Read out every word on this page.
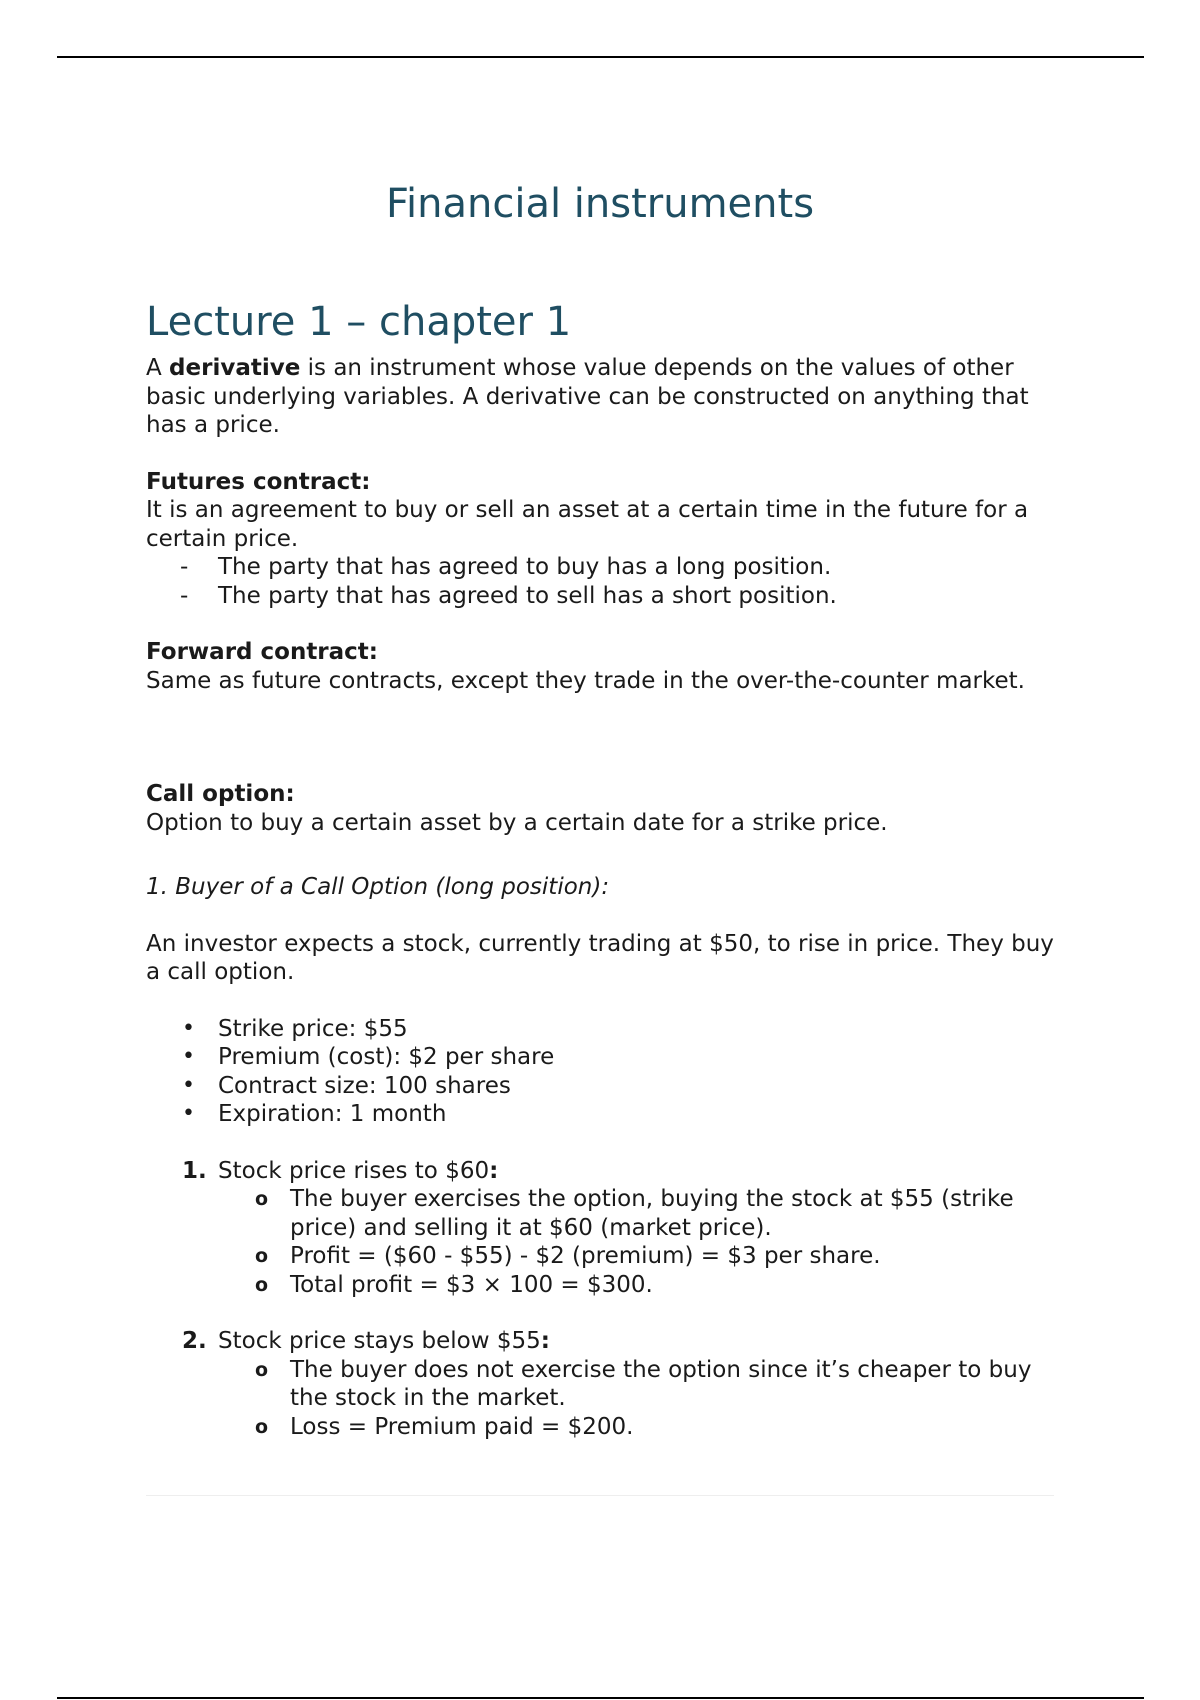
Financial instruments
Lecture 1 – chapter 1

A derivative is an instrument whose value depends on the values of other basic underlying variables. A derivative can be constructed on anything that has a price.

Futures contract:

It is an agreement to buy or sell an asset at a certain time in the future for a certain price.

-	The party that has agreed to buy has a long position.
-	The party that has agreed to sell has a short position.

Forward contract:

Same as future contracts, except they trade in the over-the-counter market.

Call option:

Option to buy a certain asset by a certain date for a strike price.

1. Buyer of a Call Option (long position):

An investor expects a stock, currently trading at $50, to rise in price. They buy a call option.

•	Strike price: $55
•	Premium (cost): $2 per share
•	Contract size: 100 shares
•	Expiration: 1 month
1. Stock price rises to $60:
o The buyer exercises the option, buying the stock at $55 (strike price) and selling it at $60 (market price).
o Profit = ($60 - $55) - $2 (premium) = $3 per share.
o Total profit = $3 × 100 = $300.
2. Stock price stays below $55:
o The buyer does not exercise the option since it’s cheaper to buy the stock in the market.
o Loss = Premium paid = $200.
